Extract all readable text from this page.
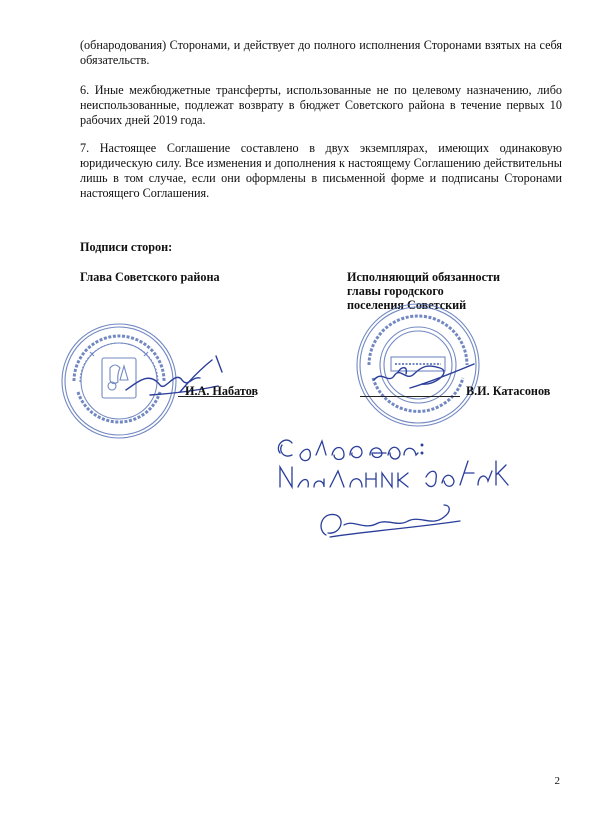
(обнародования) Сторонами, и действует до полного исполнения Сторонами взятых на себя обязательств.
6. Иные межбюджетные трансферты, использованные не по целевому назначению, либо неиспользованные, подлежат возврату в бюджет Советского района в течение первых 10 рабочих дней 2019 года.
7. Настоящее Соглашение составлено в двух экземплярах, имеющих одинаковую юридическую силу. Все изменения и дополнения к настоящему Соглашению действительны лишь в том случае, если они оформлены в письменной форме и подписаны Сторонами настоящего Соглашения.
Подписи сторон:
Глава Советского района	Исполняющий обязанности
главы городского
поселения Советский
И.А. Набатов	В.И. Катасонов
2
